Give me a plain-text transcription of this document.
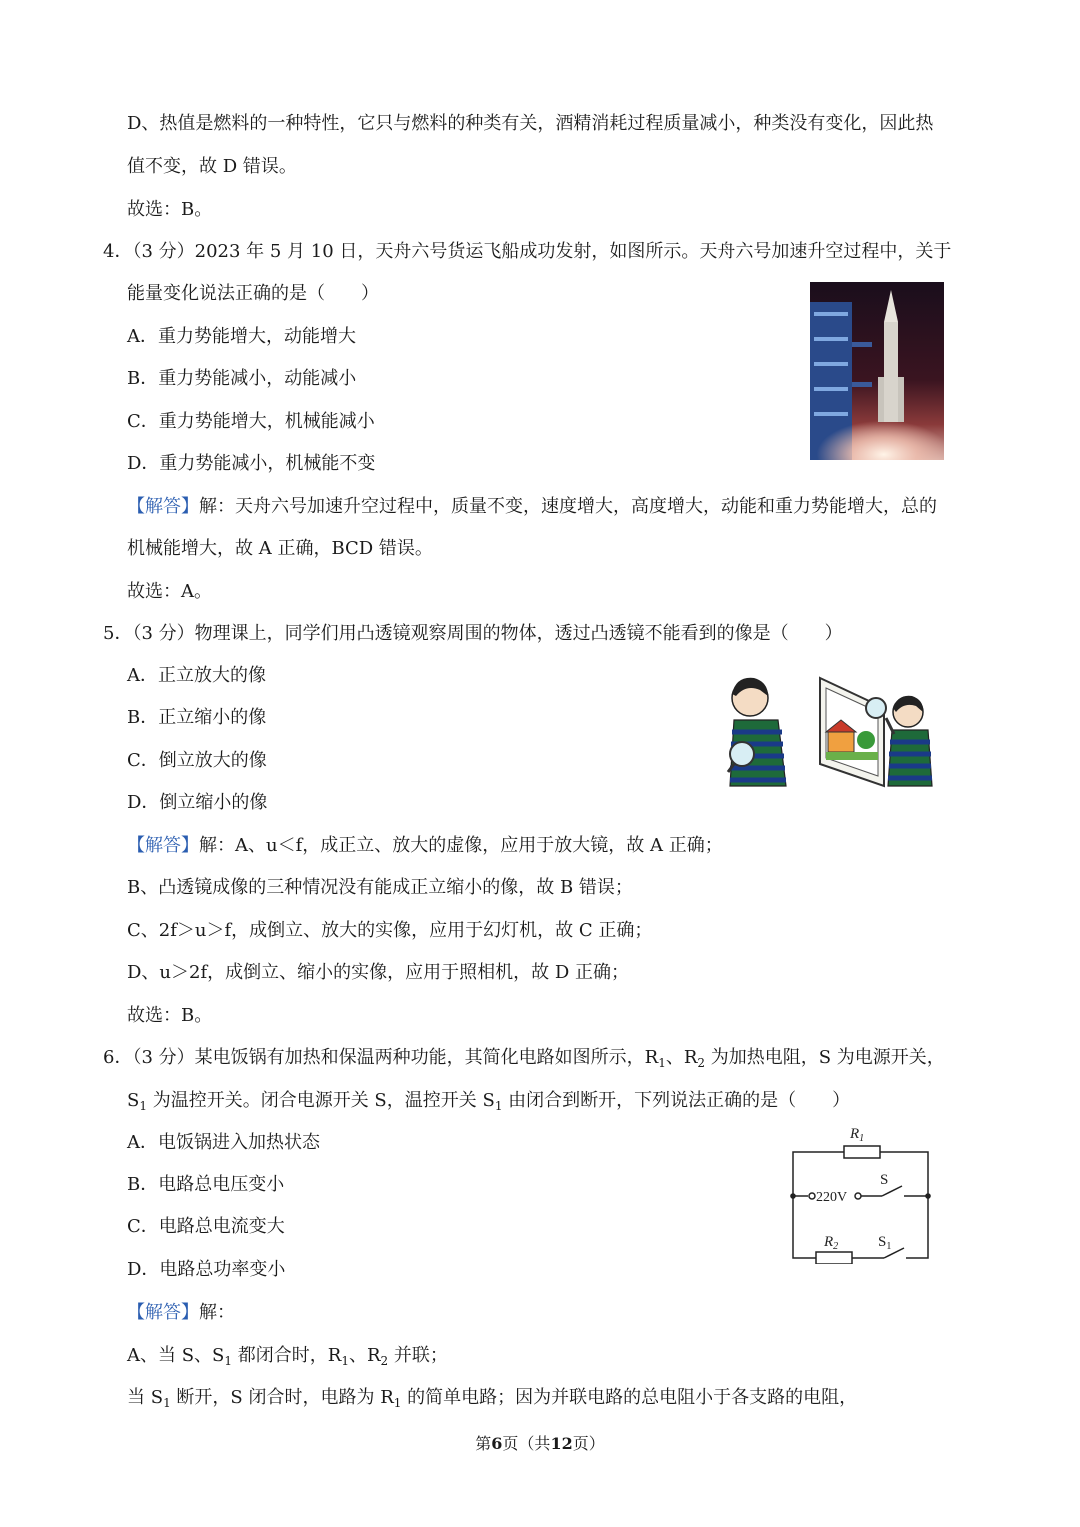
D、热值是燃料的一种特性，它只与燃料的种类有关，酒精消耗过程质量减小，种类没有变化，因此热
值不变，故 D 错误。
故选：B。
4．（3 分）2023 年 5 月 10 日，天舟六号货运飞船成功发射，如图所示。天舟六号加速升空过程中，关于
能量变化说法正确的是（　　）
A．重力势能增大，动能增大
B．重力势能减小，动能减小
C．重力势能增大，机械能减小
D．重力势能减小，机械能不变
【解答】解：天舟六号加速升空过程中，质量不变，速度增大，高度增大，动能和重力势能增大，总的
机械能增大，故 A 正确，BCD 错误。
故选：A。
5．（3 分）物理课上，同学们用凸透镜观察周围的物体，透过凸透镜不能看到的像是（　　）
A．正立放大的像
B．正立缩小的像
C．倒立放大的像
D．倒立缩小的像
【解答】解：A、u＜f，成正立、放大的虚像，应用于放大镜，故 A 正确；
B、凸透镜成像的三种情况没有能成正立缩小的像，故 B 错误；
C、2f＞u＞f，成倒立、放大的实像，应用于幻灯机，故 C 正确；
D、u＞2f，成倒立、缩小的实像，应用于照相机，故 D 正确；
故选：B。
6．（3 分）某电饭锅有加热和保温两种功能，其简化电路如图所示，$R_1$、$R_2$ 为加热电阻，S 为电源开关，
$S_1$ 为温控开关。闭合电源开关 S，温控开关 $S_1$ 由闭合到断开，下列说法正确的是（　　）
A．电饭锅进入加热状态
B．电路总电压变小
C．电路总电流变大
D．电路总功率变小
【解答】解：
A、当 S、$S_1$ 都闭合时，$R_1$、$R_2$ 并联；
当 $S_1$ 断开，S 闭合时，电路为 $R_1$ 的简单电路；因为并联电路的总电阻小于各支路的电阻，
$R_1$
220V
S
$R_2$	$S_1$
第6页（共12页）
